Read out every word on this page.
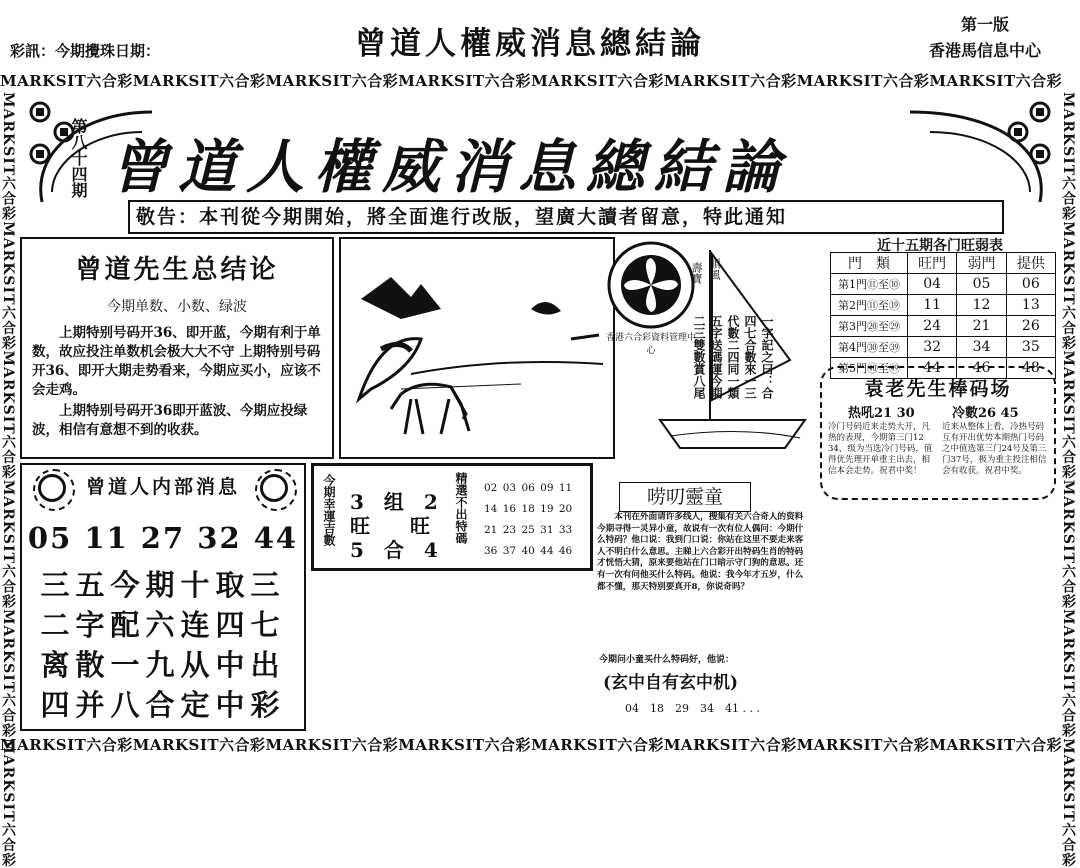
彩訊：今期攪珠日期：	曾道人權威消息總結論
第一版
香港馬信息中心
MARKSIT六合彩MARKSIT六合彩MARKSIT六合彩MARKSIT六合彩MARKSIT六合彩MARKSIT六合彩MARKSIT六合彩MARKSIT六合彩
MARKSIT六合彩MARKSIT六合彩MARKSIT六合彩MARKSIT六合彩MARKSIT六合彩MARKSIT六合彩MARKSIT六合彩MARKSIT六合彩
MARKSIT六合彩MARKSIT六合彩MARKSIT六合彩MARKSIT六合彩MARKSIT六合彩MARKSIT六合彩
MARKSIT六合彩MARKSIT六合彩MARKSIT六合彩MARKSIT六合彩MARKSIT六合彩MARKSIT六合彩
第八十四期 曾道人權威消息總結論
敬告：本刊從今期開始，將全面進行改版，望廣大讀者留意，特此通知
曾道先生总结论
今期单数、小数、绿波
上期特别号码开36、即开蓝，今期有利于单数，故应投注单数机会极大大不守 上期特别号码开36、即开大期走势看来，今期应买小，应该不会走鸡。
上期特别号码开36即开蓝波、今期应投绿波，相信有意想不到的收获。
香港六合彩資料管理中心
順風
壽寶
一字記之曰：合
四七合數來一三
代數二四同一類
五字送碼運今期
二三雙數賞八尾
近十五期各门旺弱表
門　類	旺門	弱門	提供
第1門⑪至⑩	04	05	06
第2門⑪至⑲	11	12	13
第3門⑳至㉙	24	21	26
第4門㉚至㊴	32	34	35
第5門㊵至㊾	44	46	48
袁老先生棒码场
热吼21 30	冷數26 45
冷门号码近来走势大开，凡热的表现，今期第三门12 34，级为当选冷门号码，值得优先理开单重主出去，相信本会走势。祝君中奖！
近来从整体上看，冷热号码互有开出优势本期热门号码之中值选第三门24号及第三门37号，极为重主投注相信会有收获。祝君中奖。
曾道人内部消息
05 11 27 32 44
三五今期十取三
二字配六连四七
离散一九从中出
四并八合定中彩
今期幸運吉數 3　组　2
旺　　旺
5　合　4
精選不出特碼 02 03 06 09 11
14 16 18 19 20
21 23 25 31 33
36 37 40 44 46
唠叨靈童
本刊在外面请许多线人，搜集有关六合奇人的资料今期寻得一灵异小童，故说有一次有位人偶问：今期什么特码？他口说：我到门口说：你站在这里不要走来客人不明白什么意思。主睇上六合彩开出特码生肖的特码才恍悟大猜，原来要他站在门口暗示守门狗的意思。还有一次有问他买什么特码。他说：我今年才五岁，什么都不懂，那天特别要真开8，你说奇吗？
今期问小童买什么特码好，他说：
(玄中自有玄中机)
04　18　29　34　41 . . .
